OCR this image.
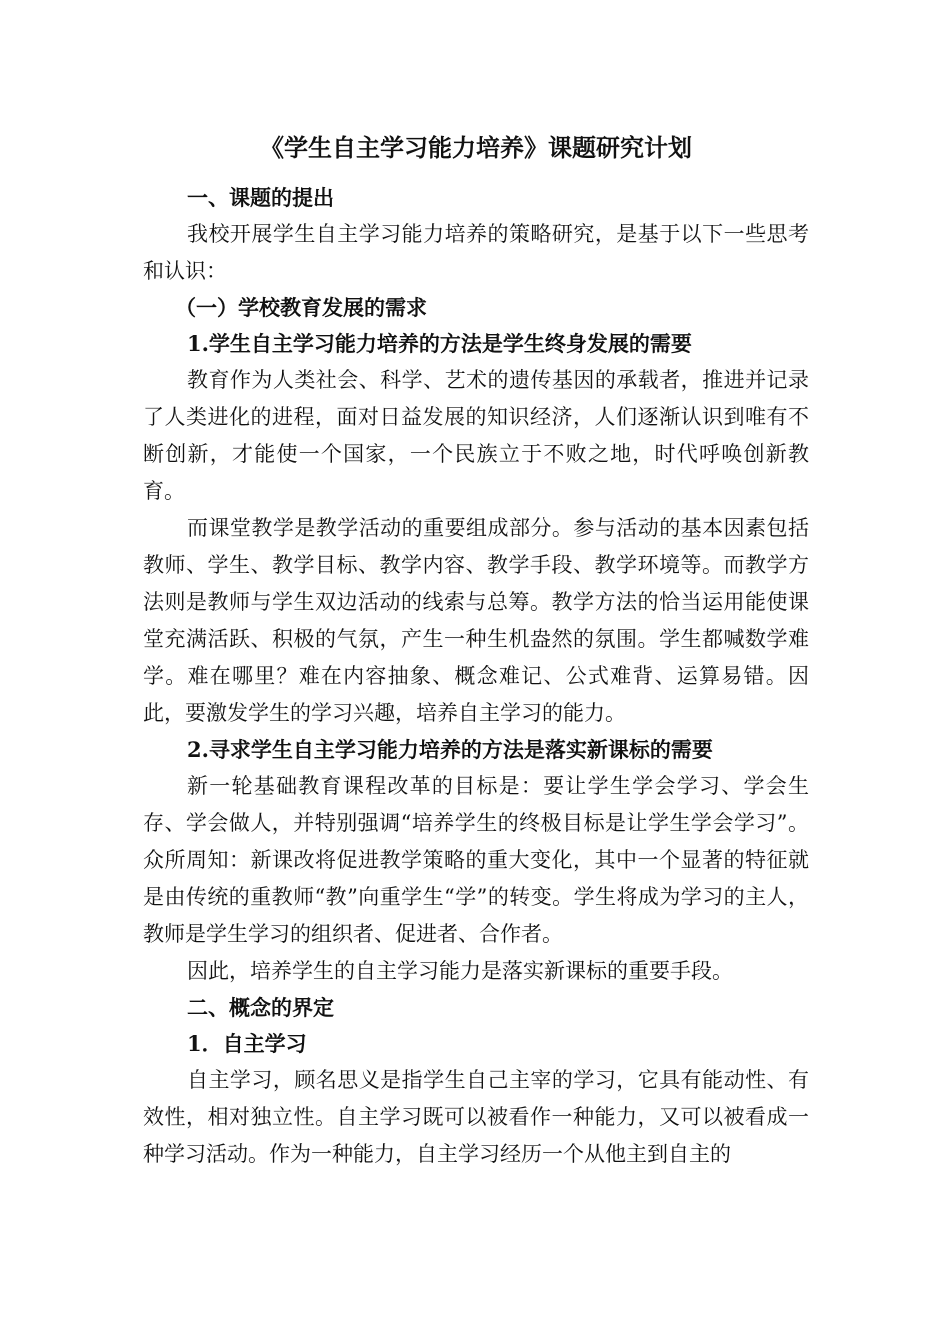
《学生自主学习能力培养》课题研究计划
一、课题的提出
我校开展学生自主学习能力培养的策略研究，是基于以下一些思考和认识：
（一）学校教育发展的需求
1.学生自主学习能力培养的方法是学生终身发展的需要
教育作为人类社会、科学、艺术的遗传基因的承载者，推进并记录了人类进化的进程，面对日益发展的知识经济，人们逐渐认识到唯有不断创新，才能使一个国家，一个民族立于不败之地，时代呼唤创新教育。
而课堂教学是教学活动的重要组成部分。参与活动的基本因素包括教师、学生、教学目标、教学内容、教学手段、教学环境等。而教学方法则是教师与学生双边活动的线索与总筹。教学方法的恰当运用能使课堂充满活跃、积极的气氛，产生一种生机盎然的氛围。学生都喊数学难学。难在哪里？难在内容抽象、概念难记、公式难背、运算易错。因此，要激发学生的学习兴趣，培养自主学习的能力。
2.寻求学生自主学习能力培养的方法是落实新课标的需要
新一轮基础教育课程改革的目标是：要让学生学会学习、学会生存、学会做人，并特别强调“培养学生的终极目标是让学生学会学习”。众所周知：新课改将促进教学策略的重大变化，其中一个显著的特征就是由传统的重教师“教”向重学生“学”的转变。学生将成为学习的主人，教师是学生学习的组织者、促进者、合作者。
因此，培养学生的自主学习能力是落实新课标的重要手段。
二、概念的界定
1．自主学习
自主学习，顾名思义是指学生自己主宰的学习，它具有能动性、有效性，相对独立性。自主学习既可以被看作一种能力，又可以被看成一种学习活动。作为一种能力，自主学习经历一个从他主到自主的
